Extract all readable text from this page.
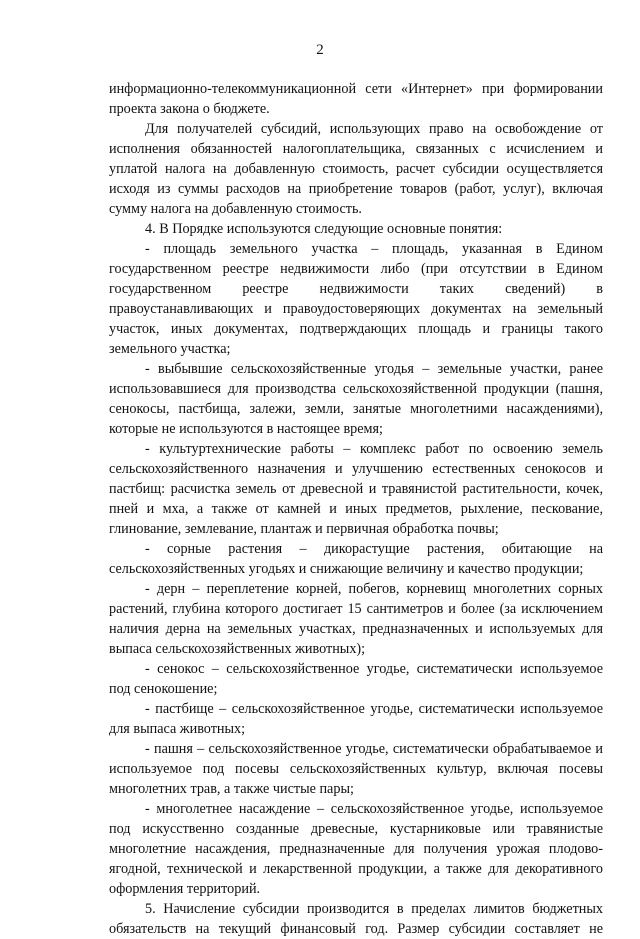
2

информационно-телекоммуникационной сети «Интернет» при формировании проекта закона о бюджете.

Для получателей субсидий, использующих право на освобождение от исполнения обязанностей налогоплательщика, связанных с исчислением и уплатой налога на добавленную стоимость, расчет субсидии осуществляется исходя из суммы расходов на приобретение товаров (работ, услуг), включая сумму налога на добавленную стоимость.

4. В Порядке используются следующие основные понятия:

- площадь земельного участка – площадь, указанная в Едином государственном реестре недвижимости либо (при отсутствии в Едином государственном реестре недвижимости таких сведений) в правоустанавливающих и правоудостоверяющих документах на земельный участок, иных документах, подтверждающих площадь и границы такого земельного участка;

- выбывшие сельскохозяйственные угодья – земельные участки, ранее использовавшиеся для производства сельскохозяйственной продукции (пашня, сенокосы, пастбища, залежи, земли, занятые многолетними насаждениями), которые не используются в настоящее время;

- культуртехнические работы – комплекс работ по освоению земель сельскохозяйственного назначения и улучшению естественных сенокосов и пастбищ: расчистка земель от древесной и травянистой растительности, кочек, пней и мха, а также от камней и иных предметов, рыхление, пескование, глинование, землевание, плантаж и первичная обработка почвы;

- сорные растения – дикорастущие растения, обитающие на сельскохозяйственных угодьях и снижающие величину и качество продукции;

- дерн – переплетение корней, побегов, корневищ многолетних сорных растений, глубина которого достигает 15 сантиметров и более (за исключением наличия дерна на земельных участках, предназначенных и используемых для выпаса сельскохозяйственных животных);

- сенокос – сельскохозяйственное угодье, систематически используемое под сенокошение;

- пастбище – сельскохозяйственное угодье, систематически используемое для выпаса животных;

- пашня – сельскохозяйственное угодье, систематически обрабатываемое и используемое под посевы сельскохозяйственных культур, включая посевы многолетних трав, а также чистые пары;

- многолетнее насаждение – сельскохозяйственное угодье, используемое под искусственно созданные древесные, кустарниковые или травянистые многолетние насаждения, предназначенные для получения урожая плодово-ягодной, технической и лекарственной продукции, а также для декоративного оформления территорий.

5. Начисление субсидии производится в пределах лимитов бюджетных обязательств на текущий финансовый год. Размер субсидии составляет не
